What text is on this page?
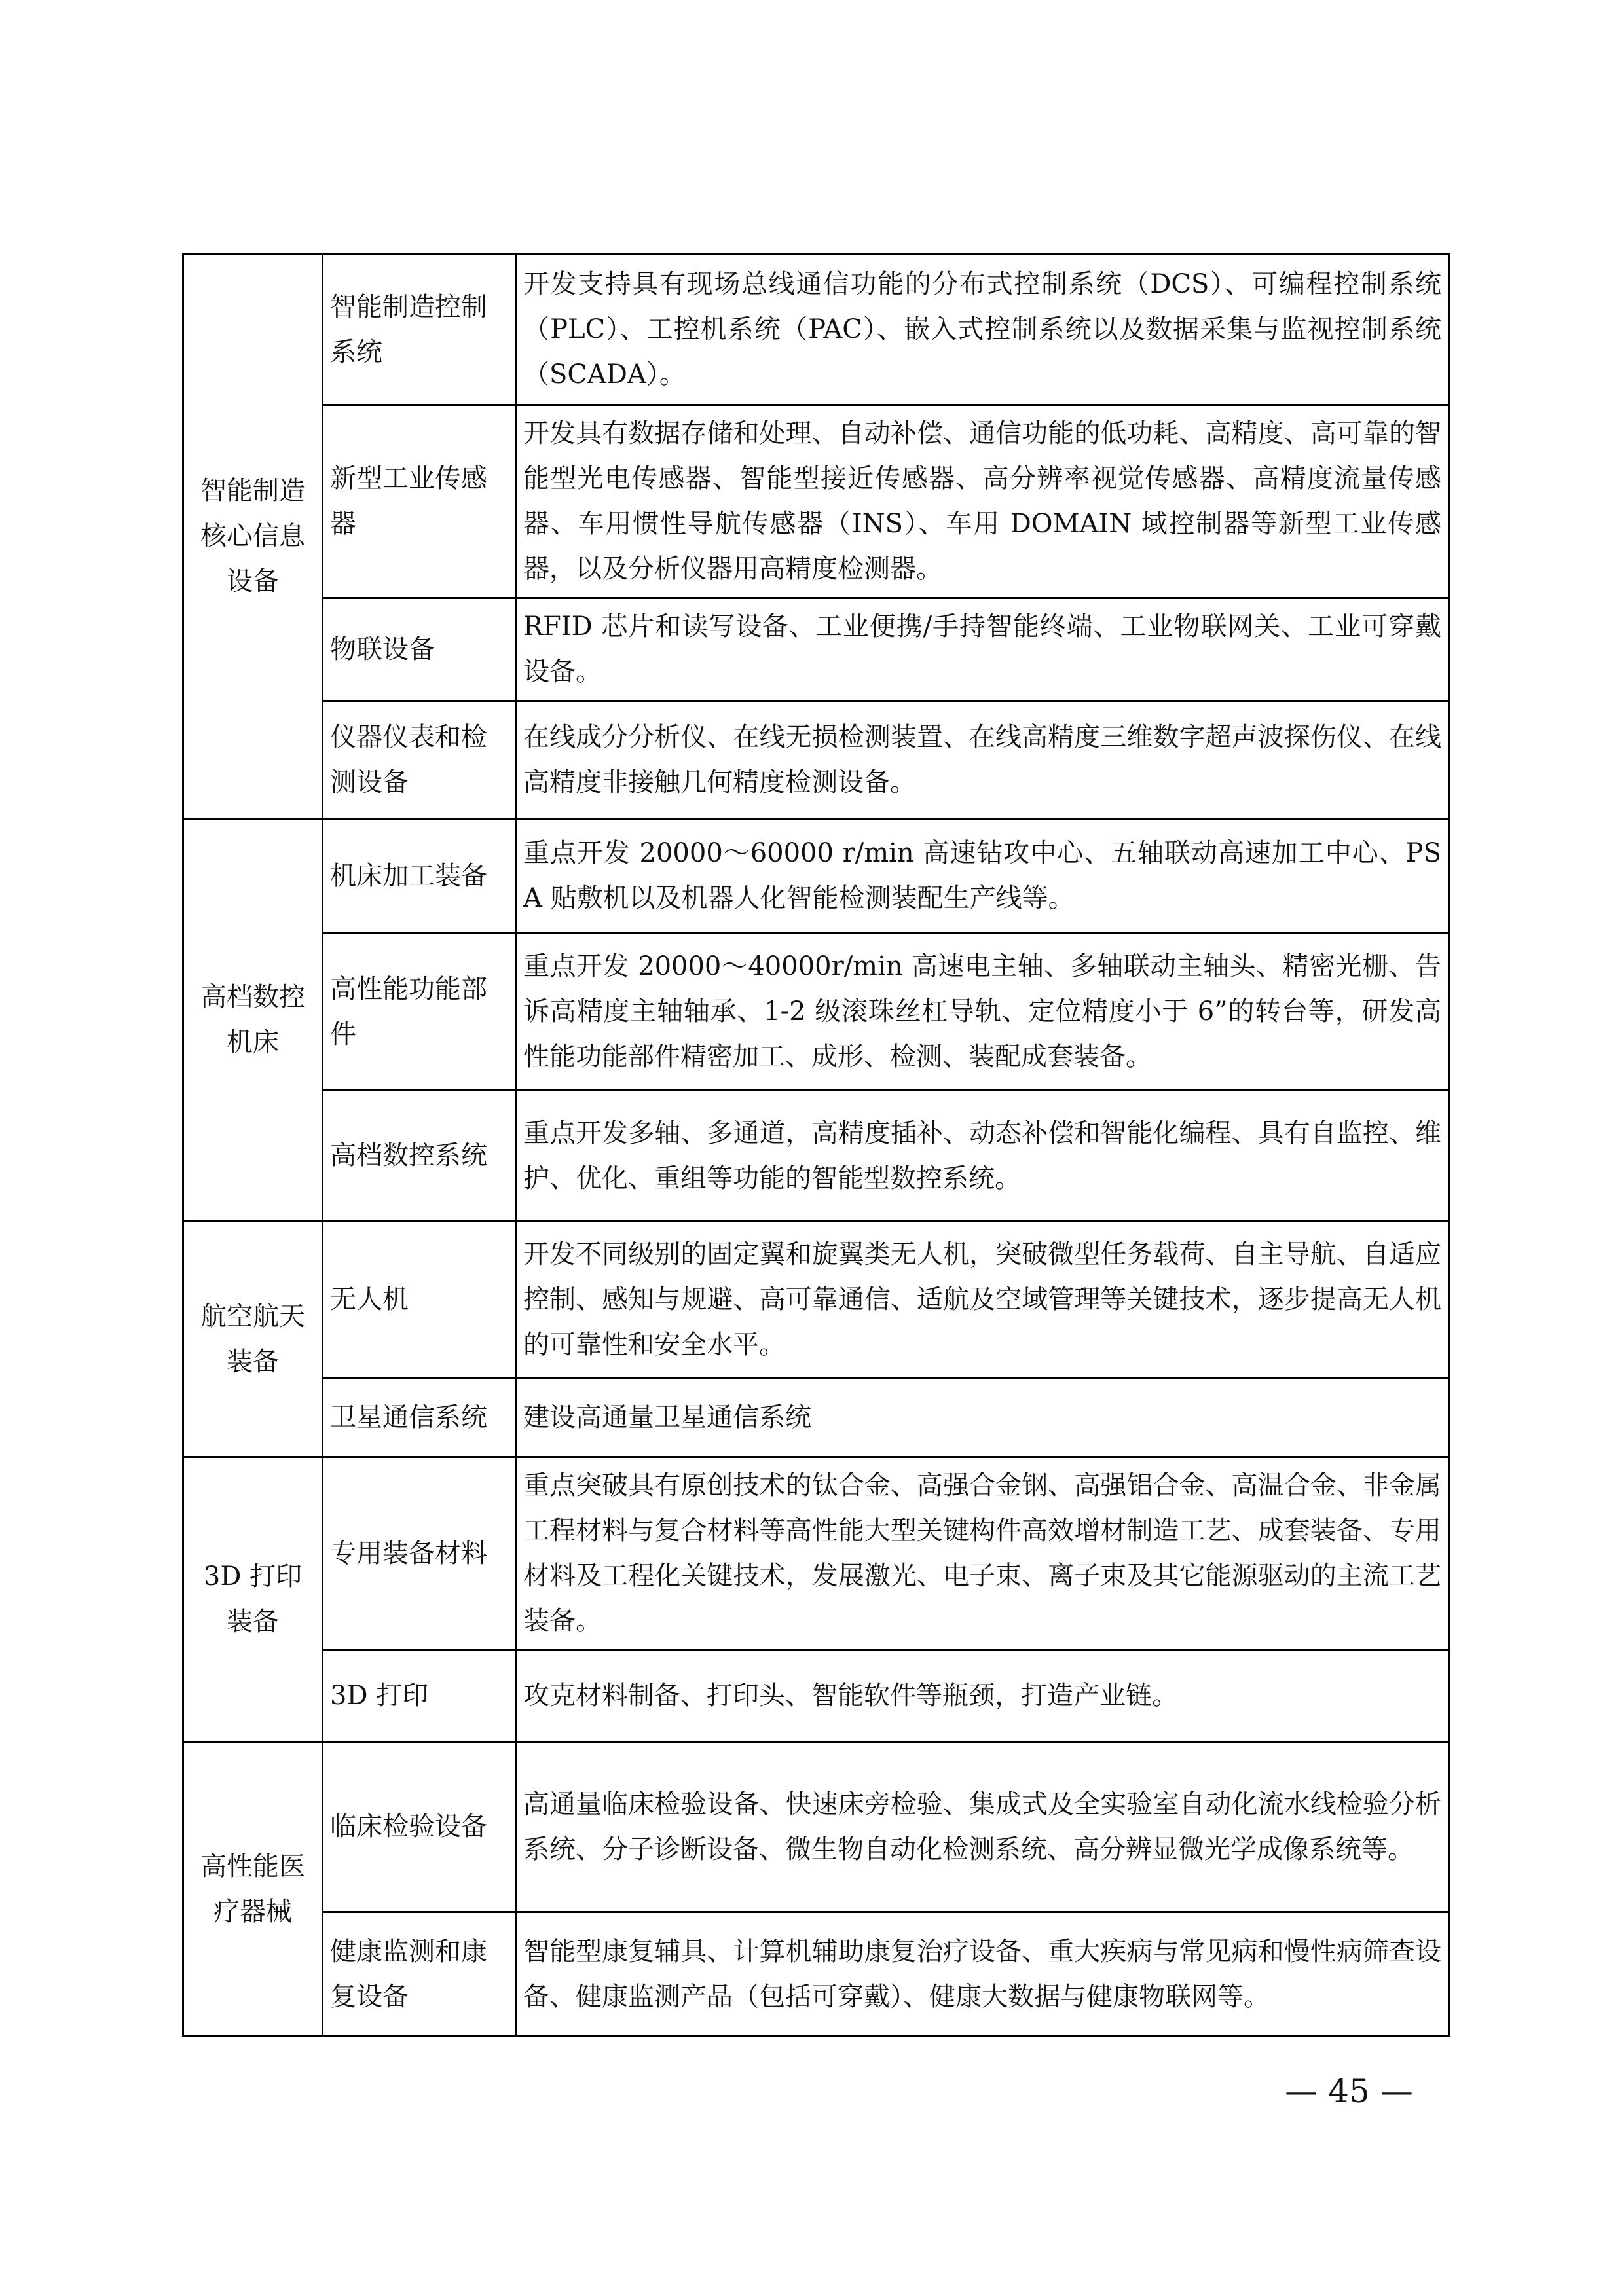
智能制造核心信息设备	智能制造控制系统	开发支持具有现场总线通信功能的分布式控制系统（DCS）、可编程控制系统（PLC）、工控机系统（PAC）、嵌入式控制系统以及数据采集与监视控制系统（SCADA）。
	新型工业传感器	开发具有数据存储和处理、自动补偿、通信功能的低功耗、高精度、高可靠的智能型光电传感器、智能型接近传感器、高分辨率视觉传感器、高精度流量传感器、车用惯性导航传感器（INS）、车用 DOMAIN 域控制器等新型工业传感器，以及分析仪器用高精度检测器。
	物联设备	RFID 芯片和读写设备、工业便携/手持智能终端、工业物联网关、工业可穿戴设备。
	仪器仪表和检测设备	在线成分分析仪、在线无损检测装置、在线高精度三维数字超声波探伤仪、在线高精度非接触几何精度检测设备。
高档数控机床	机床加工装备	重点开发 20000～60000 r/min 高速钻攻中心、五轴联动高速加工中心、PSA 贴敷机以及机器人化智能检测装配生产线等。
	高性能功能部件	重点开发 20000～40000r/min 高速电主轴、多轴联动主轴头、精密光栅、告诉高精度主轴轴承、1-2 级滚珠丝杠导轨、定位精度小于 6”的转台等，研发高性能功能部件精密加工、成形、检测、装配成套装备。
	高档数控系统	重点开发多轴、多通道，高精度插补、动态补偿和智能化编程、具有自监控、维护、优化、重组等功能的智能型数控系统。
航空航天装备	无人机	开发不同级别的固定翼和旋翼类无人机，突破微型任务载荷、自主导航、自适应控制、感知与规避、高可靠通信、适航及空域管理等关键技术，逐步提高无人机的可靠性和安全水平。
	卫星通信系统	建设高通量卫星通信系统
3D 打印装备	专用装备材料	重点突破具有原创技术的钛合金、高强合金钢、高强铝合金、高温合金、非金属工程材料与复合材料等高性能大型关键构件高效增材制造工艺、成套装备、专用材料及工程化关键技术，发展激光、电子束、离子束及其它能源驱动的主流工艺装备。
	3D 打印	攻克材料制备、打印头、智能软件等瓶颈，打造产业链。
高性能医疗器械	临床检验设备	高通量临床检验设备、快速床旁检验、集成式及全实验室自动化流水线检验分析系统、分子诊断设备、微生物自动化检测系统、高分辨显微光学成像系统等。
	健康监测和康复设备	智能型康复辅具、计算机辅助康复治疗设备、重大疾病与常见病和慢性病筛查设备、健康监测产品（包括可穿戴）、健康大数据与健康物联网等。
— 45 —
